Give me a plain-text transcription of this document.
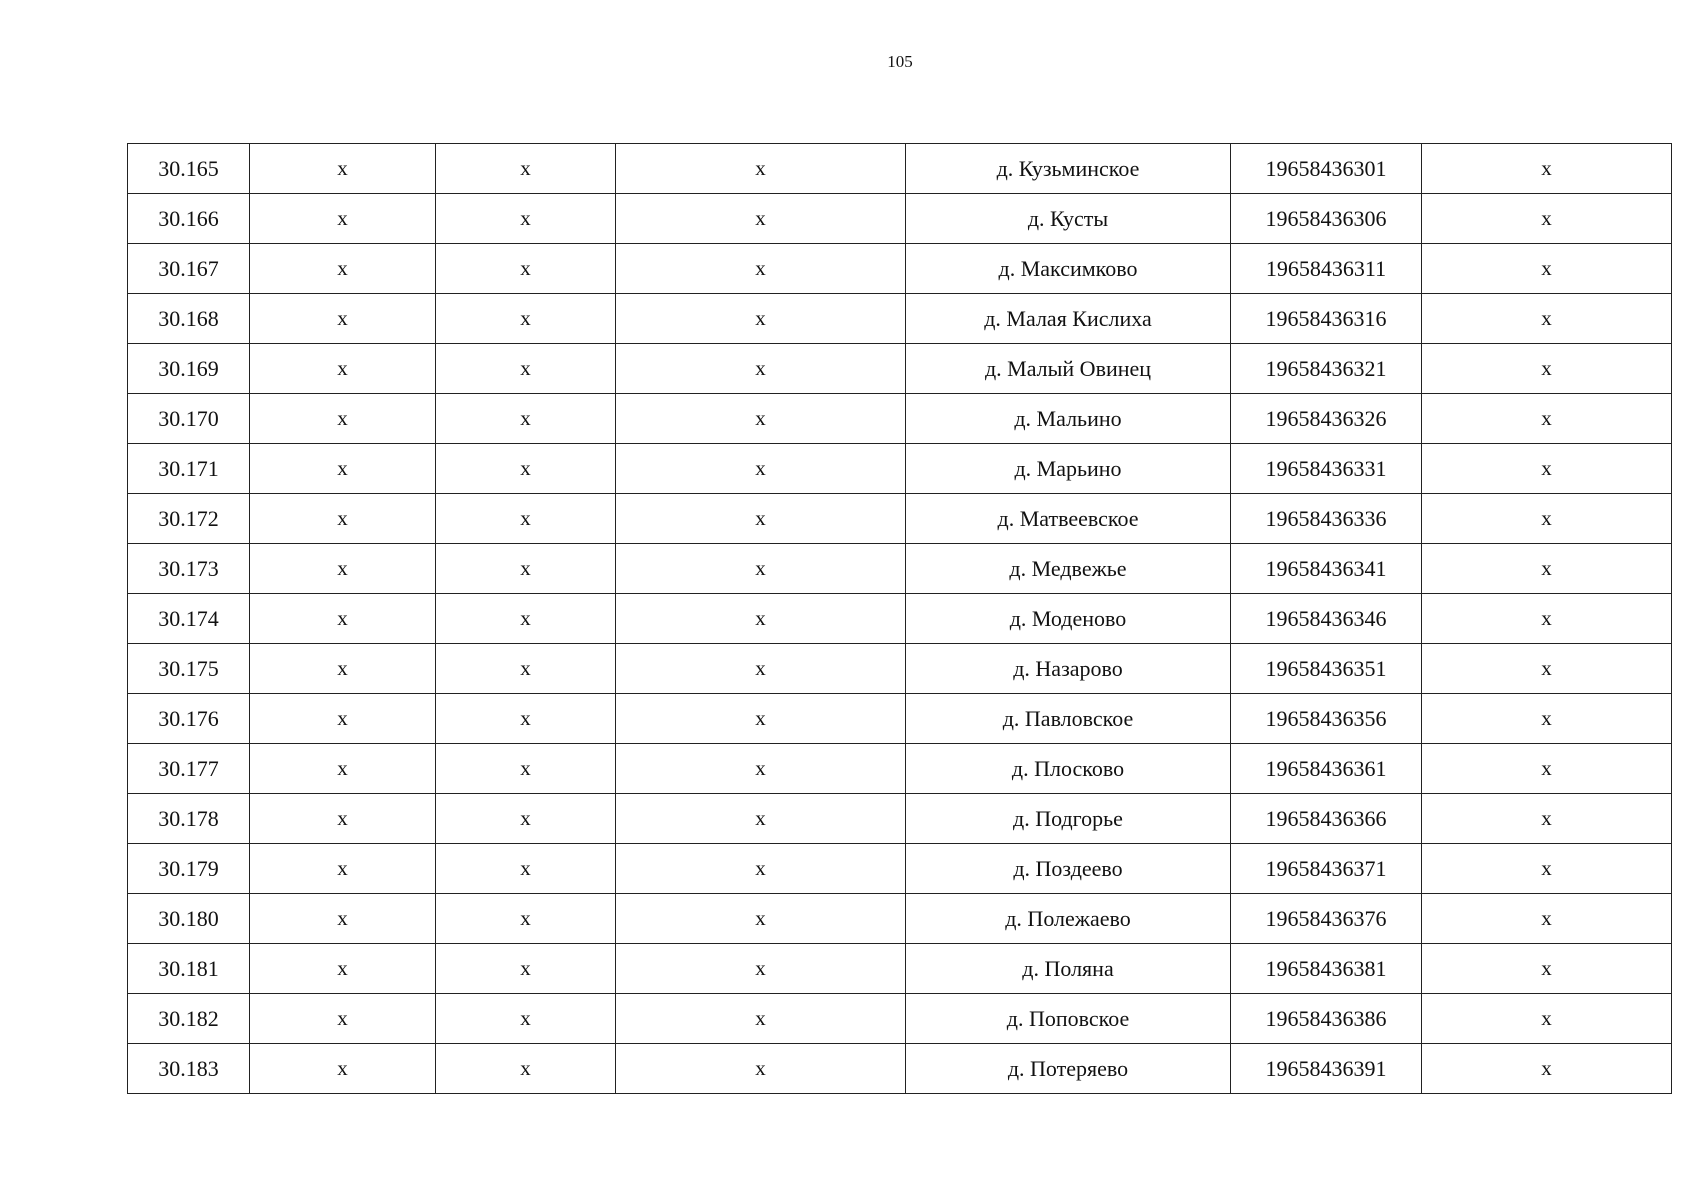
105
30.165	x	x	x	д. Кузьминское	19658436301	x
30.166	x	x	x	д. Кусты	19658436306	x
30.167	x	x	x	д. Максимково	19658436311	x
30.168	x	x	x	д. Малая Кислиха	19658436316	x
30.169	x	x	x	д. Малый Овинец	19658436321	x
30.170	x	x	x	д. Мальино	19658436326	x
30.171	x	x	x	д. Марьино	19658436331	x
30.172	x	x	x	д. Матвеевское	19658436336	x
30.173	x	x	x	д. Медвежье	19658436341	x
30.174	x	x	x	д. Моденово	19658436346	x
30.175	x	x	x	д. Назарово	19658436351	x
30.176	x	x	x	д. Павловское	19658436356	x
30.177	x	x	x	д. Плосково	19658436361	x
30.178	x	x	x	д. Подгорье	19658436366	x
30.179	x	x	x	д. Поздеево	19658436371	x
30.180	x	x	x	д. Полежаево	19658436376	x
30.181	x	x	x	д. Поляна	19658436381	x
30.182	x	x	x	д. Поповское	19658436386	x
30.183	x	x	x	д. Потеряево	19658436391	x
